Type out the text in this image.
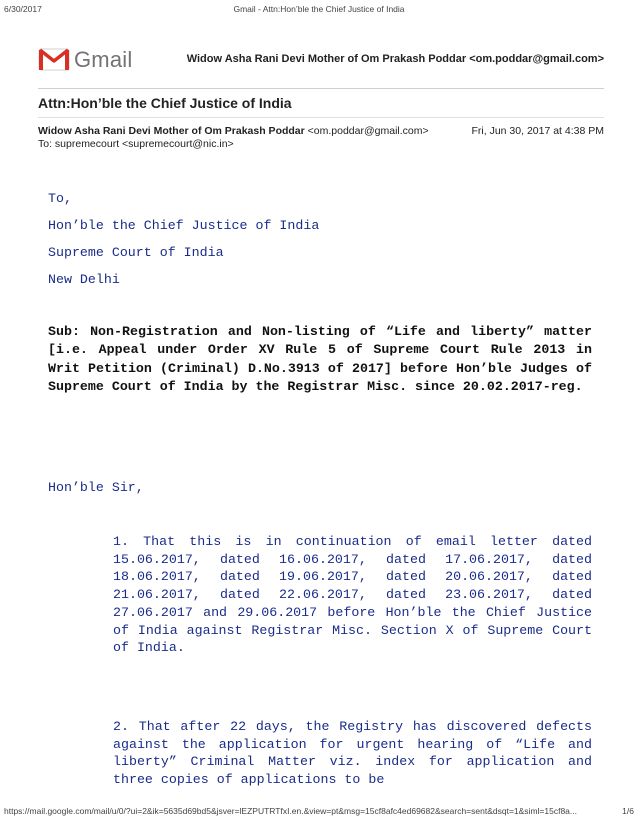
6/30/2017	Gmail - Attn:Hon’ble the Chief Justice of India
Gmail	Widow Asha Rani Devi Mother of Om Prakash Poddar <om.poddar@gmail.com>
Attn:Hon’ble the Chief Justice of India
Widow Asha Rani Devi Mother of Om Prakash Poddar <om.poddar@gmail.com>	Fri, Jun 30, 2017 at 4:38 PM
To: supremecourt <supremecourt@nic.in>
To,
Hon’ble the Chief Justice of India
Supreme Court of India
New Delhi
Sub: Non-Registration and Non-listing of “Life and liberty” matter [i.e. Appeal under Order XV Rule 5 of Supreme Court Rule 2013 in Writ Petition (Criminal) D.No.3913 of 2017] before Hon’ble Judges of Supreme Court of India by the Registrar Misc. since 20.02.2017-reg.
Hon’ble Sir,
1. That this is in continuation of email letter dated 15.06.2017, dated 16.06.2017, dated 17.06.2017, dated 18.06.2017, dated 19.06.2017, dated 20.06.2017, dated 21.06.2017, dated 22.06.2017, dated 23.06.2017, dated 27.06.2017 and 29.06.2017 before Hon’ble the Chief Justice of India against Registrar Misc. Section X of Supreme Court of India.
2. That after 22 days, the Registry has discovered defects against the application for urgent hearing of “Life and liberty” Criminal Matter viz. index for application and three copies of applications to be
https://mail.google.com/mail/u/0/?ui=2&ik=5635d69bd5&jsver=lEZPUTRTfxI.en.&view=pt&msg=15cf8afc4ed69682&search=sent&dsqt=1&siml=15cf8a...	1/6
